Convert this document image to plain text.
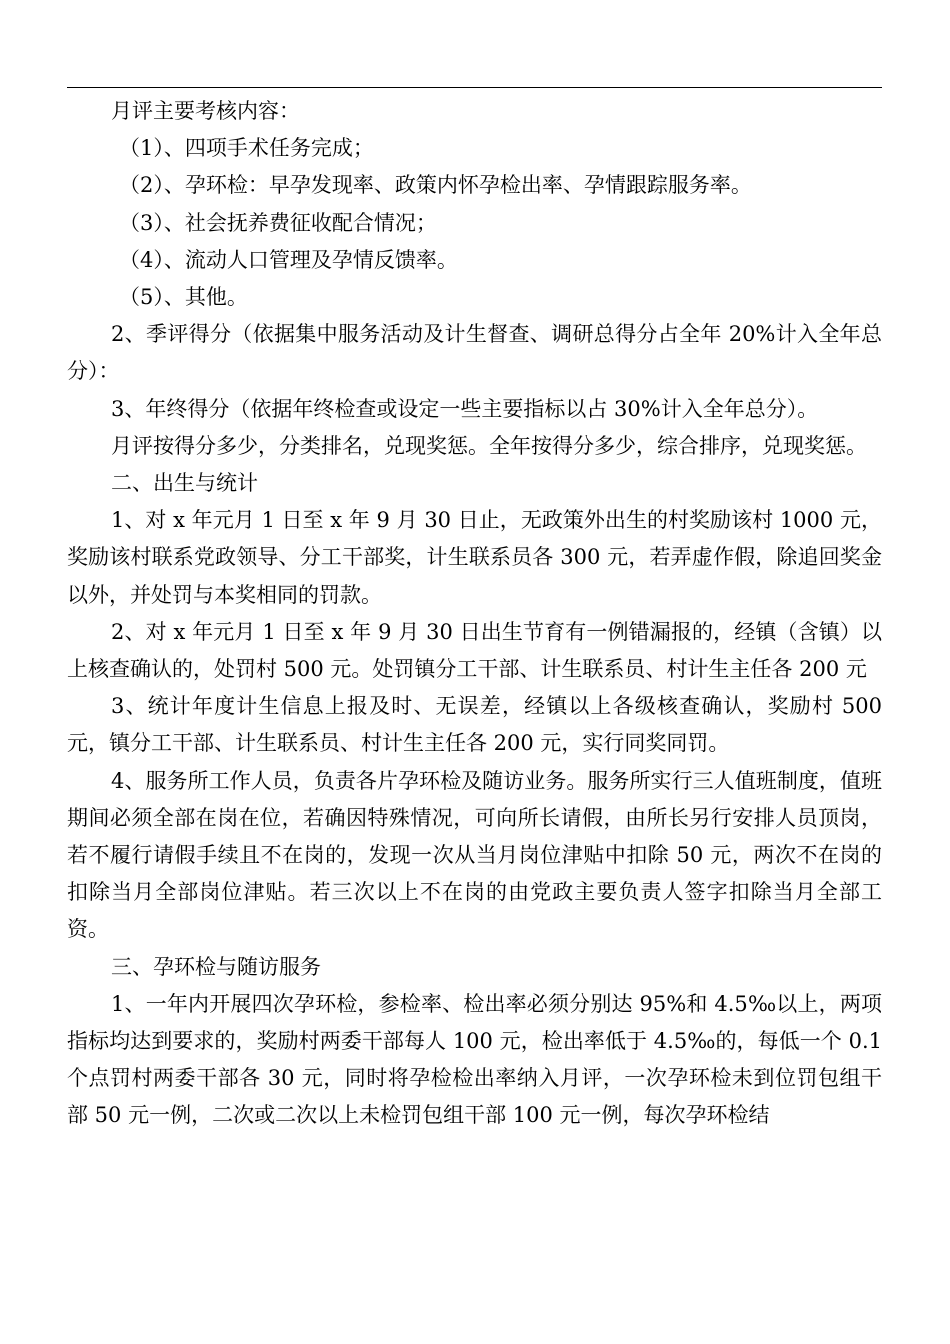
月评主要考核内容：

（1）、四项手术任务完成；

（2）、孕环检：早孕发现率、政策内怀孕检出率、孕情跟踪服务率。

（3）、社会抚养费征收配合情况；

（4）、流动人口管理及孕情反馈率。

（5）、其他。

2、季评得分（依据集中服务活动及计生督查、调研总得分占全年 20%计入全年总分）：

3、年终得分（依据年终检查或设定一些主要指标以占 30%计入全年总分）。

月评按得分多少，分类排名，兑现奖惩。全年按得分多少，综合排序，兑现奖惩。

二、出生与统计

1、对 x 年元月 1 日至 x 年 9 月 30 日止，无政策外出生的村奖励该村 1000 元，奖励该村联系党政领导、分工干部奖，计生联系员各 300 元，若弄虚作假，除追回奖金以外，并处罚与本奖相同的罚款。

2、对 x 年元月 1 日至 x 年 9 月 30 日出生节育有一例错漏报的，经镇（含镇）以上核查确认的，处罚村 500 元。处罚镇分工干部、计生联系员、村计生主任各 200 元

3、统计年度计生信息上报及时、无误差，经镇以上各级核查确认，奖励村 500 元，镇分工干部、计生联系员、村计生主任各 200 元，实行同奖同罚。

4、服务所工作人员，负责各片孕环检及随访业务。服务所实行三人值班制度，值班期间必须全部在岗在位，若确因特殊情况，可向所长请假，由所长另行安排人员顶岗，若不履行请假手续且不在岗的，发现一次从当月岗位津贴中扣除 50 元，两次不在岗的扣除当月全部岗位津贴。若三次以上不在岗的由党政主要负责人签字扣除当月全部工资。

三、孕环检与随访服务

1、一年内开展四次孕环检，参检率、检出率必须分别达 95%和 4.5‰以上，两项指标均达到要求的，奖励村两委干部每人 100 元，检出率低于 4.5‰的，每低一个 0.1 个点罚村两委干部各 30 元，同时将孕检检出率纳入月评，一次孕环检未到位罚包组干部 50 元一例，二次或二次以上未检罚包组干部 100 元一例，每次孕环检结
